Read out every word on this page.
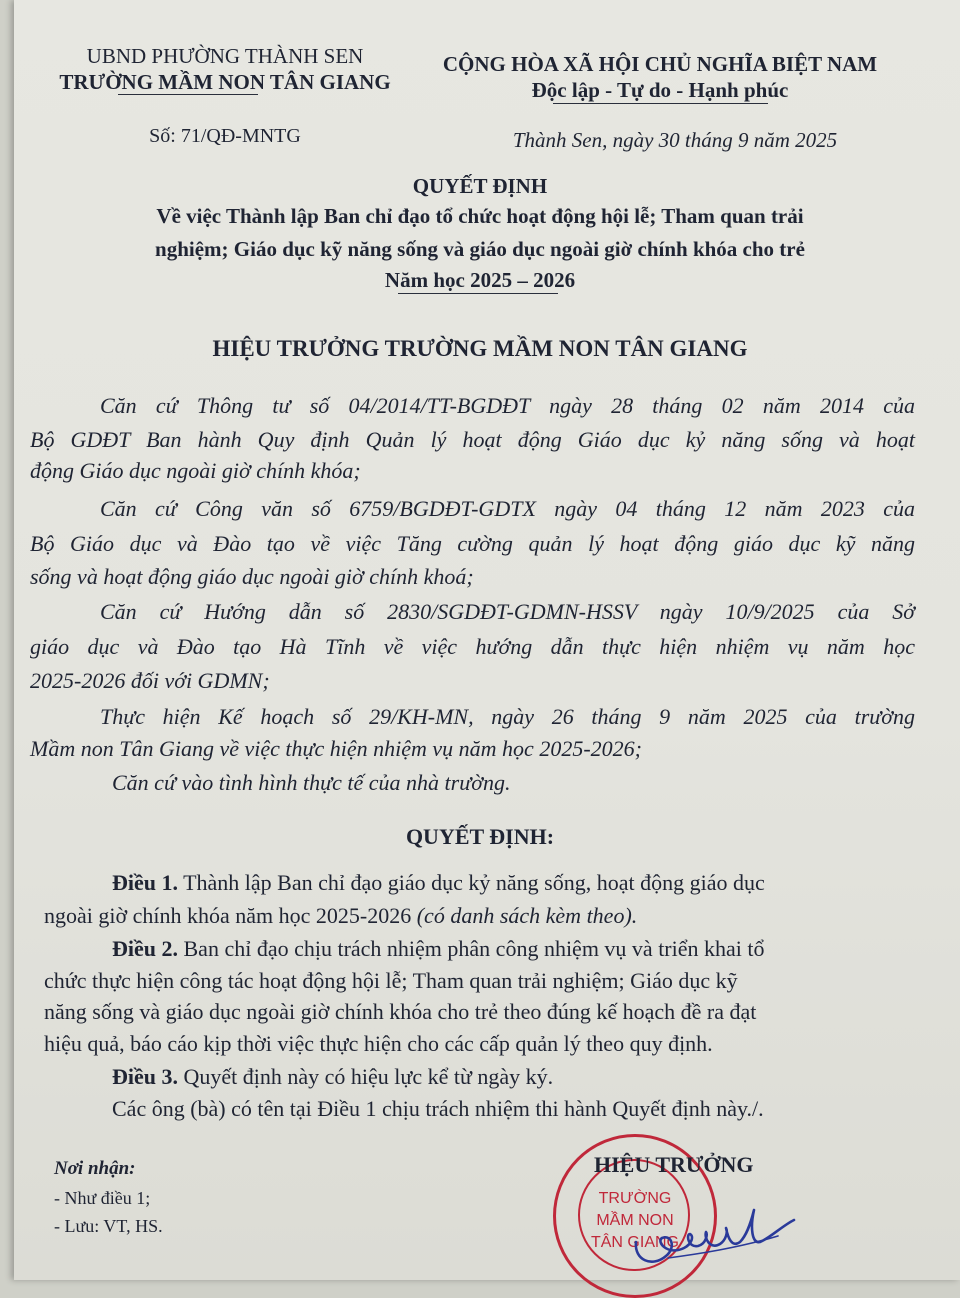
UBND PHƯỜNG THÀNH SEN
TRƯỜNG MẦM NON TÂN GIANG
Số: 71/QĐ-MNTG
CỘNG HÒA XÃ HỘI CHỦ NGHĨA BIỆT NAM
Độc lập - Tự do - Hạnh phúc
Thành Sen, ngày 30 tháng 9 năm 2025
QUYẾT ĐỊNH
Về việc Thành lập Ban chỉ đạo tổ chức hoạt động hội lễ; Tham quan trải
nghiệm; Giáo dục kỹ năng sống và giáo dục ngoài giờ chính khóa cho trẻ
Năm học 2025 – 2026
HIỆU TRƯỞNG TRƯỜNG MẦM NON TÂN GIANG
Căn cứ Thông tư số 04/2014/TT-BGDĐT ngày 28 tháng 02 năm 2014 của
Bộ GDĐT Ban hành Quy định Quản lý hoạt động Giáo dục kỷ năng sống và hoạt
động Giáo dục ngoài giờ chính khóa;
Căn cứ Công văn số 6759/BGDĐT-GDTX ngày 04 tháng 12 năm 2023 của
Bộ Giáo dục và Đào tạo về việc Tăng cường quản lý hoạt động giáo dục kỹ năng
sống và hoạt động giáo dục ngoài giờ chính khoá;
Căn cứ Hướng dẫn số 2830/SGDĐT-GDMN-HSSV ngày 10/9/2025 của Sở
giáo dục và Đào tạo Hà Tĩnh về việc hướng dẫn thực hiện nhiệm vụ năm học
2025-2026 đối với GDMN;
Thực hiện Kế hoạch số 29/KH-MN, ngày 26 tháng 9 năm 2025 của trường
Mầm non Tân Giang về việc thực hiện nhiệm vụ năm học 2025-2026;
Căn cứ vào tình hình thực tế của nhà trường.
QUYẾT ĐỊNH:
Điều 1. Thành lập Ban chỉ đạo giáo dục kỷ năng sống, hoạt động giáo dục
ngoài giờ chính khóa năm học 2025-2026 (có danh sách kèm theo).
Điều 2. Ban chỉ đạo chịu trách nhiệm phân công nhiệm vụ và triển khai tổ
chức thực hiện công tác hoạt động hội lễ; Tham quan trải nghiệm; Giáo dục kỹ
năng sống và giáo dục ngoài giờ chính khóa cho trẻ theo đúng kế hoạch đề ra đạt
hiệu quả, báo cáo kịp thời việc thực hiện cho các cấp quản lý theo quy định.
Điều 3. Quyết định này có hiệu lực kể từ ngày ký.
Các ông (bà) có tên tại Điều 1 chịu trách nhiệm thi hành Quyết định này./.
Nơi nhận:
- Như điều 1;
- Lưu: VT, HS.
TRƯỜNG
MẦM NON
TÂN GIANG
HIỆU TRƯỞNG
